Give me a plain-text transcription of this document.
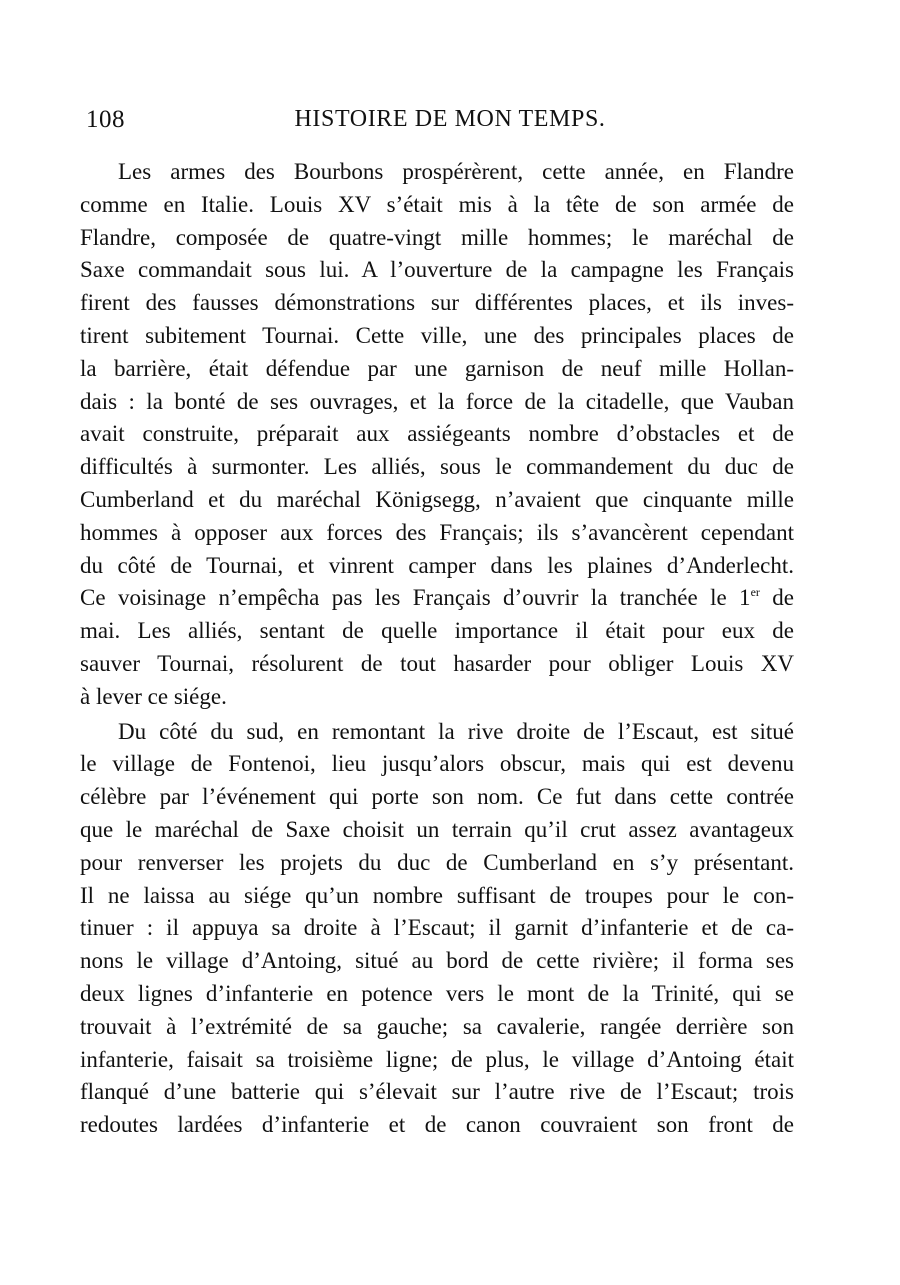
108	HISTOIRE DE MON TEMPS.
Les armes des Bourbons prospérèrent, cette année, en Flandre
comme en Italie. Louis XV s’était mis à la tête de son armée de
Flandre, composée de quatre-vingt mille hommes; le maréchal de
Saxe commandait sous lui. A l’ouverture de la campagne les Français
firent des fausses démonstrations sur différentes places, et ils inves-
tirent subitement Tournai. Cette ville, une des principales places de
la barrière, était défendue par une garnison de neuf mille Hollan-
dais : la bonté de ses ouvrages, et la force de la citadelle, que Vauban
avait construite, préparait aux assiégeants nombre d’obstacles et de
difficultés à surmonter. Les alliés, sous le commandement du duc de
Cumberland et du maréchal Königsegg, n’avaient que cinquante mille
hommes à opposer aux forces des Français; ils s’avancèrent cependant
du côté de Tournai, et vinrent camper dans les plaines d’Anderlecht.
Ce voisinage n’empêcha pas les Français d’ouvrir la tranchée le 1er de
mai. Les alliés, sentant de quelle importance il était pour eux de
sauver Tournai, résolurent de tout hasarder pour obliger Louis XV
à lever ce siége.
Du côté du sud, en remontant la rive droite de l’Escaut, est situé
le village de Fontenoi, lieu jusqu’alors obscur, mais qui est devenu
célèbre par l’événement qui porte son nom. Ce fut dans cette contrée
que le maréchal de Saxe choisit un terrain qu’il crut assez avantageux
pour renverser les projets du duc de Cumberland en s’y présentant.
Il ne laissa au siége qu’un nombre suffisant de troupes pour le con-
tinuer : il appuya sa droite à l’Escaut; il garnit d’infanterie et de ca-
nons le village d’Antoing, situé au bord de cette rivière; il forma ses
deux lignes d’infanterie en potence vers le mont de la Trinité, qui se
trouvait à l’extrémité de sa gauche; sa cavalerie, rangée derrière son
infanterie, faisait sa troisième ligne; de plus, le village d’Antoing était
flanqué d’une batterie qui s’élevait sur l’autre rive de l’Escaut; trois
redoutes lardées d’infanterie et de canon couvraient son front de
